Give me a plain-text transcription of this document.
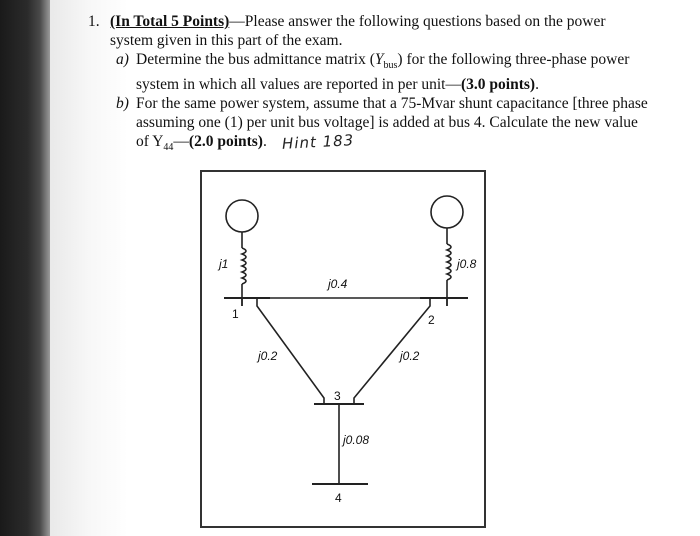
1. (In Total 5 Points)—Please answer the following questions based on the power
system given in this part of the exam.
a) Determine the bus admittance matrix $(Y_{bus})$ for the following three-phase power
system in which all values are reported in per unit—(3.0 points).
b) For the same power system, assume that a 75-Mvar shunt capacitance [three phase
assuming one (1) per unit bus voltage] is added at bus 4. Calculate the new value
of $Y_{44}—(2.0$ points). Hint 183
j1	j0.8
j0.4
j0.2	j0.2
j0.08
1	2
3
4
